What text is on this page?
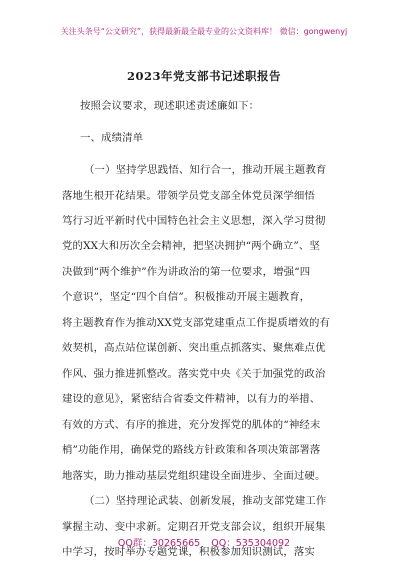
关注头条号“公文研究”，获得最新最全最专业的公文资料库！ 微信：gongwenyj
2023年党支部书记述职报告
按照会议要求，现述职述责述廉如下：
一、成绩清单
（一）坚持学思践悟、知行合一，推动开展主题教育
落地生根开花结果。带领学员党支部全体党员深学细悟
笃行习近平新时代中国特色社会主义思想，深入学习贯彻
党的XX大和历次全会精神，把坚决拥护“两个确立”、坚
决做到“两个维护”作为讲政治的第一位要求，增强“四
个意识”，坚定“四个自信”。积极推动开展主题教育，
将主题教育作为推动XX党支部党建重点工作提质增效的有
效契机，高点站位谋创新、突出重点抓落实、聚焦难点优
作风、强力推进抓整改。落实党中央《关于加强党的政治
建设的意见》，紧密结合省委文件精神，以有力的举措、
有效的方式、有序的推进，充分发挥党的肌体的“神经末
梢”功能作用，确保党的路线方针政策和各项决策部署落
地落实，助力推动基层党组织建设全面进步、全面过硬。
（二）坚持理论武装、创新发展，推动支部党建工作
掌握主动、变中求新。定期召开党支部会议，组织开展集
中学习，按时举办专题党课，积极参加知识测试，落实
QQ群：30265665 QQ：535304092
